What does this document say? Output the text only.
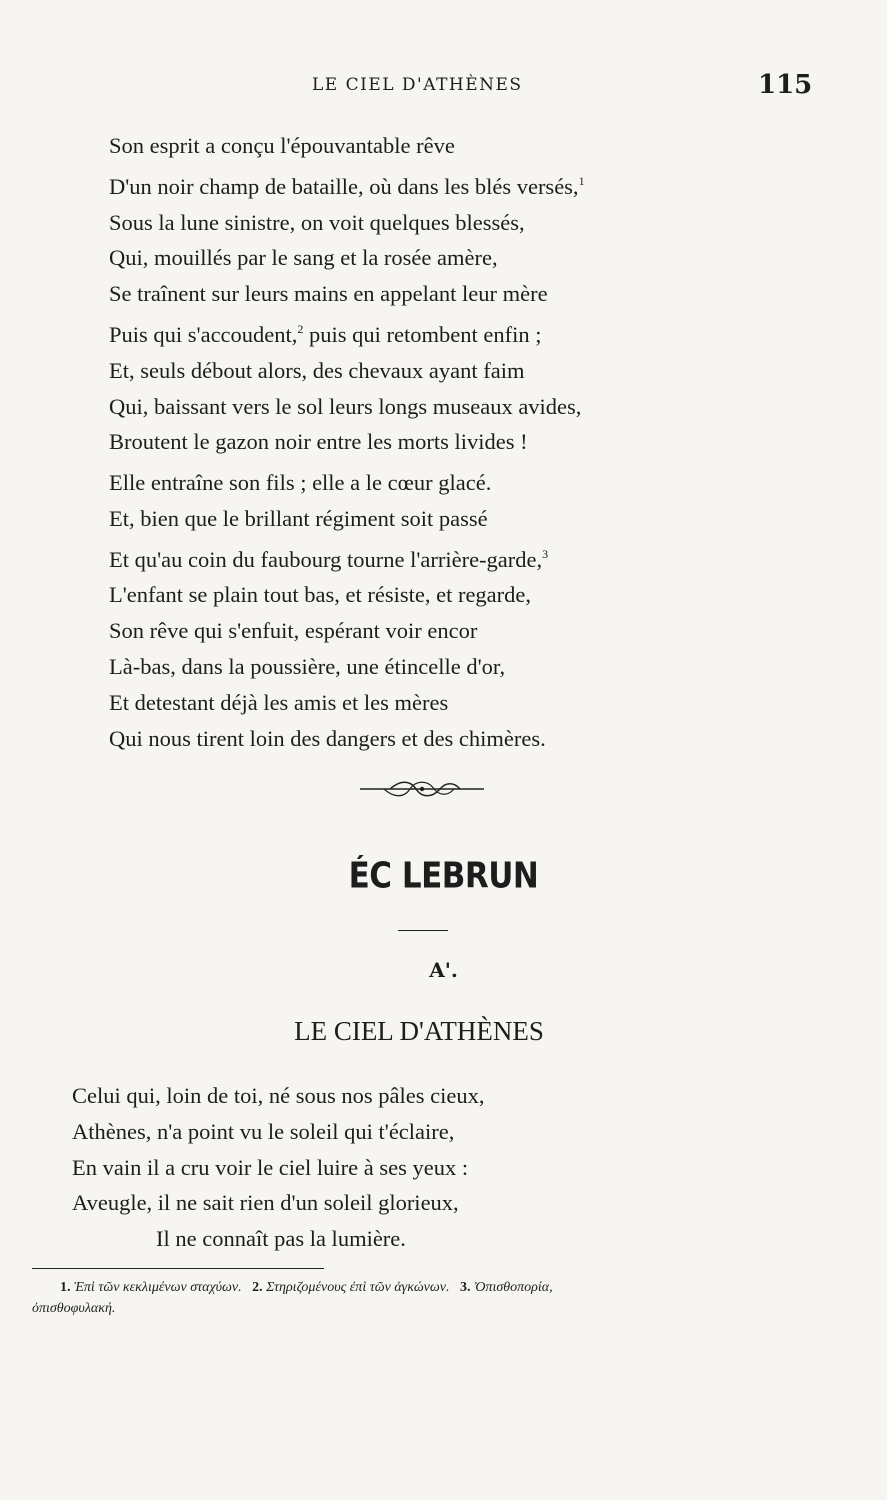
LE CIEL D'ATHÈNES	115
Son esprit a conçu l'épouvantable rêve
D'un noir champ de bataille, où dans les blés versés,$^1$
Sous la lune sinistre, on voit quelques blessés,
Qui, mouillés par le sang et la rosée amère,
Se traînent sur leurs mains en appelant leur mère
Puis qui s'accoudent,$^2$ puis qui retombent enfin ;
Et, seuls débout alors, des chevaux ayant faim
Qui, baissant vers le sol leurs longs museaux avides,
Broutent le gazon noir entre les morts livides !
Elle entraîne son fils ; elle a le cœur glacé.
Et, bien que le brillant régiment soit passé
Et qu'au coin du faubourg tourne l'arrière-garde,$^3$
L'enfant se plain tout bas, et résiste, et regarde,
Son rêve qui s'enfuit, espérant voir encor
Là-bas, dans la poussière, une étincelle d'or,
Et detestant déjà les amis et les mères
Qui nous tirent loin des dangers et des chimères.
ÉC LEBRUN
A'.
LE CIEL D'ATHÈNES
Celui qui, loin de toi, né sous nos pâles cieux,
Athènes, n'a point vu le soleil qui t'éclaire,
En vain il a cru voir le ciel luire à ses yeux :
Aveugle, il ne sait rien d'un soleil glorieux,
Il ne connaît pas la lumière.
1. Ἐπὶ τῶν κεκλιμένων σταχύων. 2. Στηριζομένους ἐπὶ τῶν ἀγκώνων. 3. Ὀπισθοπορία,
ὀπισθοφυλακή.
